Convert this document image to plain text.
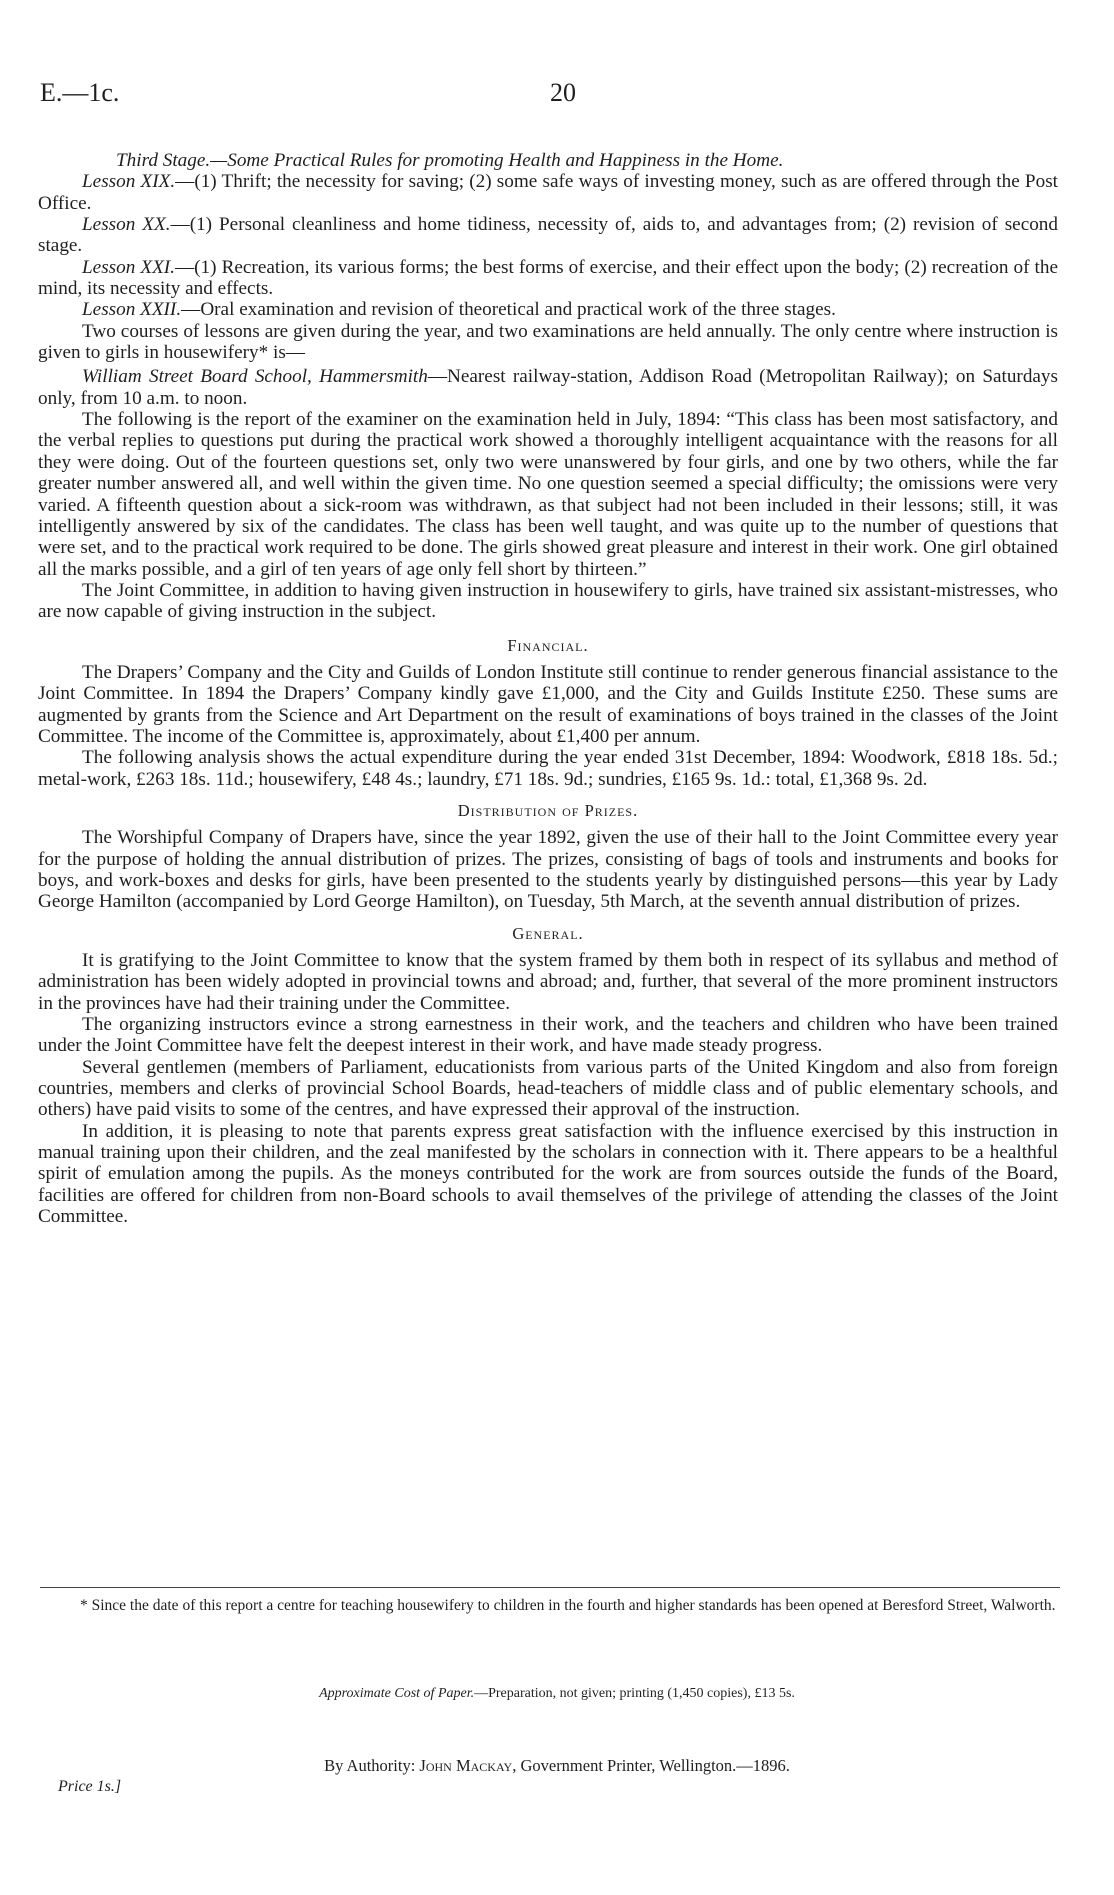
E.—1c.	20

Third Stage.—Some Practical Rules for promoting Health and Happiness in the Home.

Lesson XIX.—(1) Thrift; the necessity for saving; (2) some safe ways of investing money, such as are offered through the Post Office.

Lesson XX.—(1) Personal cleanliness and home tidiness, necessity of, aids to, and advantages from; (2) revision of second stage.

Lesson XXI.—(1) Recreation, its various forms; the best forms of exercise, and their effect upon the body; (2) recreation of the mind, its necessity and effects.

Lesson XXII.—Oral examination and revision of theoretical and practical work of the three stages.

Two courses of lessons are given during the year, and two examinations are held annually. The only centre where instruction is given to girls in housewifery* is—

William Street Board School, Hammersmith—Nearest railway-station, Addison Road (Metropolitan Railway); on Saturdays only, from 10 a.m. to noon.

The following is the report of the examiner on the examination held in July, 1894: “This class has been most satisfactory, and the verbal replies to questions put during the practical work showed a thoroughly intelligent acquaintance with the reasons for all they were doing. Out of the fourteen questions set, only two were unanswered by four girls, and one by two others, while the far greater number answered all, and well within the given time. No one question seemed a special difficulty; the omissions were very varied. A fifteenth question about a sick-room was withdrawn, as that subject had not been included in their lessons; still, it was intelligently answered by six of the candidates. The class has been well taught, and was quite up to the number of questions that were set, and to the practical work required to be done. The girls showed great pleasure and interest in their work. One girl obtained all the marks possible, and a girl of ten years of age only fell short by thirteen.”

The Joint Committee, in addition to having given instruction in housewifery to girls, have trained six assistant-mistresses, who are now capable of giving instruction in the subject.

Financial.

The Drapers’ Company and the City and Guilds of London Institute still continue to render generous financial assistance to the Joint Committee. In 1894 the Drapers’ Company kindly gave £1,000, and the City and Guilds Institute £250. These sums are augmented by grants from the Science and Art Department on the result of examinations of boys trained in the classes of the Joint Committee. The income of the Committee is, approximately, about £1,400 per annum.

The following analysis shows the actual expenditure during the year ended 31st December, 1894: Woodwork, £818 18s. 5d.; metal-work, £263 18s. 11d.; housewifery, £48 4s.; laundry, £71 18s. 9d.; sundries, £165 9s. 1d.: total, £1,368 9s. 2d.

Distribution of Prizes.

The Worshipful Company of Drapers have, since the year 1892, given the use of their hall to the Joint Committee every year for the purpose of holding the annual distribution of prizes. The prizes, consisting of bags of tools and instruments and books for boys, and work-boxes and desks for girls, have been presented to the students yearly by distinguished persons—this year by Lady George Hamilton (accompanied by Lord George Hamilton), on Tuesday, 5th March, at the seventh annual distribution of prizes.

General.

It is gratifying to the Joint Committee to know that the system framed by them both in respect of its syllabus and method of administration has been widely adopted in provincial towns and abroad; and, further, that several of the more prominent instructors in the provinces have had their training under the Committee.

The organizing instructors evince a strong earnestness in their work, and the teachers and children who have been trained under the Joint Committee have felt the deepest interest in their work, and have made steady progress.

Several gentlemen (members of Parliament, educationists from various parts of the United Kingdom and also from foreign countries, members and clerks of provincial School Boards, head-teachers of middle class and of public elementary schools, and others) have paid visits to some of the centres, and have expressed their approval of the instruction.

In addition, it is pleasing to note that parents express great satisfaction with the influence exercised by this instruction in manual training upon their children, and the zeal manifested by the scholars in connection with it. There appears to be a healthful spirit of emulation among the pupils. As the moneys contributed for the work are from sources outside the funds of the Board, facilities are offered for children from non-Board schools to avail themselves of the privilege of attending the classes of the Joint Committee.

* Since the date of this report a centre for teaching housewifery to children in the fourth and higher standards has been opened at Beresford Street, Walworth.
Approximate Cost of Paper.—Preparation, not given; printing (1,450 copies), £13 5s.
By Authority: John Mackay, Government Printer, Wellington.—1896.
Price 1s.]
